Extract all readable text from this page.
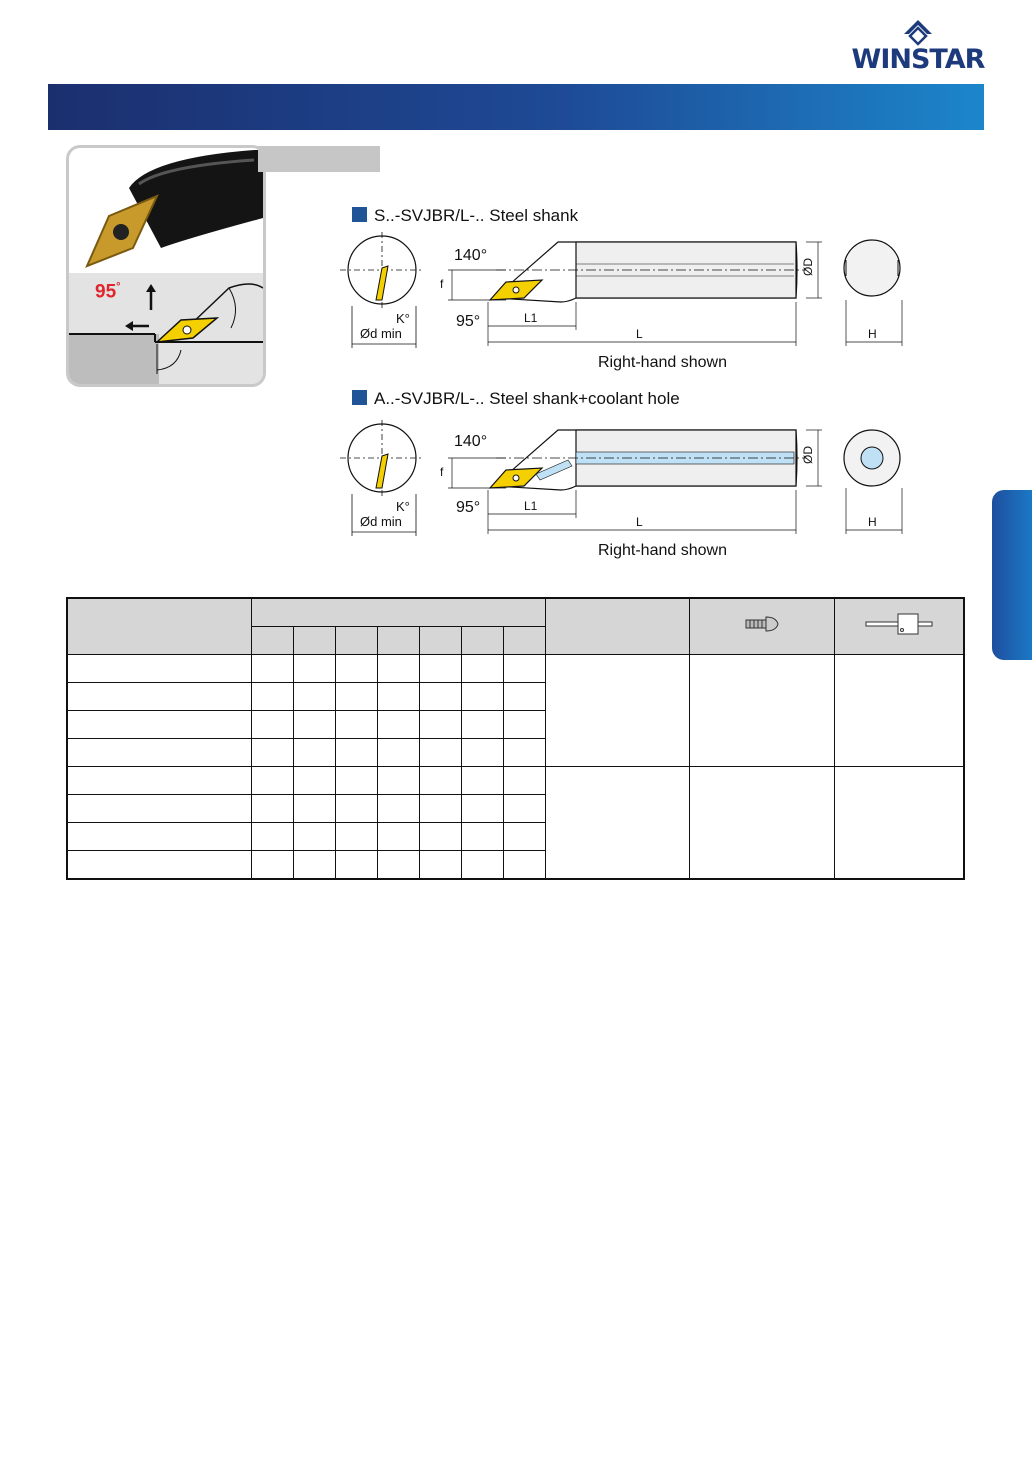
WINSTAR
95°
S..-SVJBR/L-.. Steel shank
K°
Ød min
140°
95°
f
ØD
L1
L	H
Right-hand shown
A..-SVJBR/L-.. Steel shank+coolant hole
K°
Ød min
140°
95°
f
ØD
L1
L	H
Right-hand shown
